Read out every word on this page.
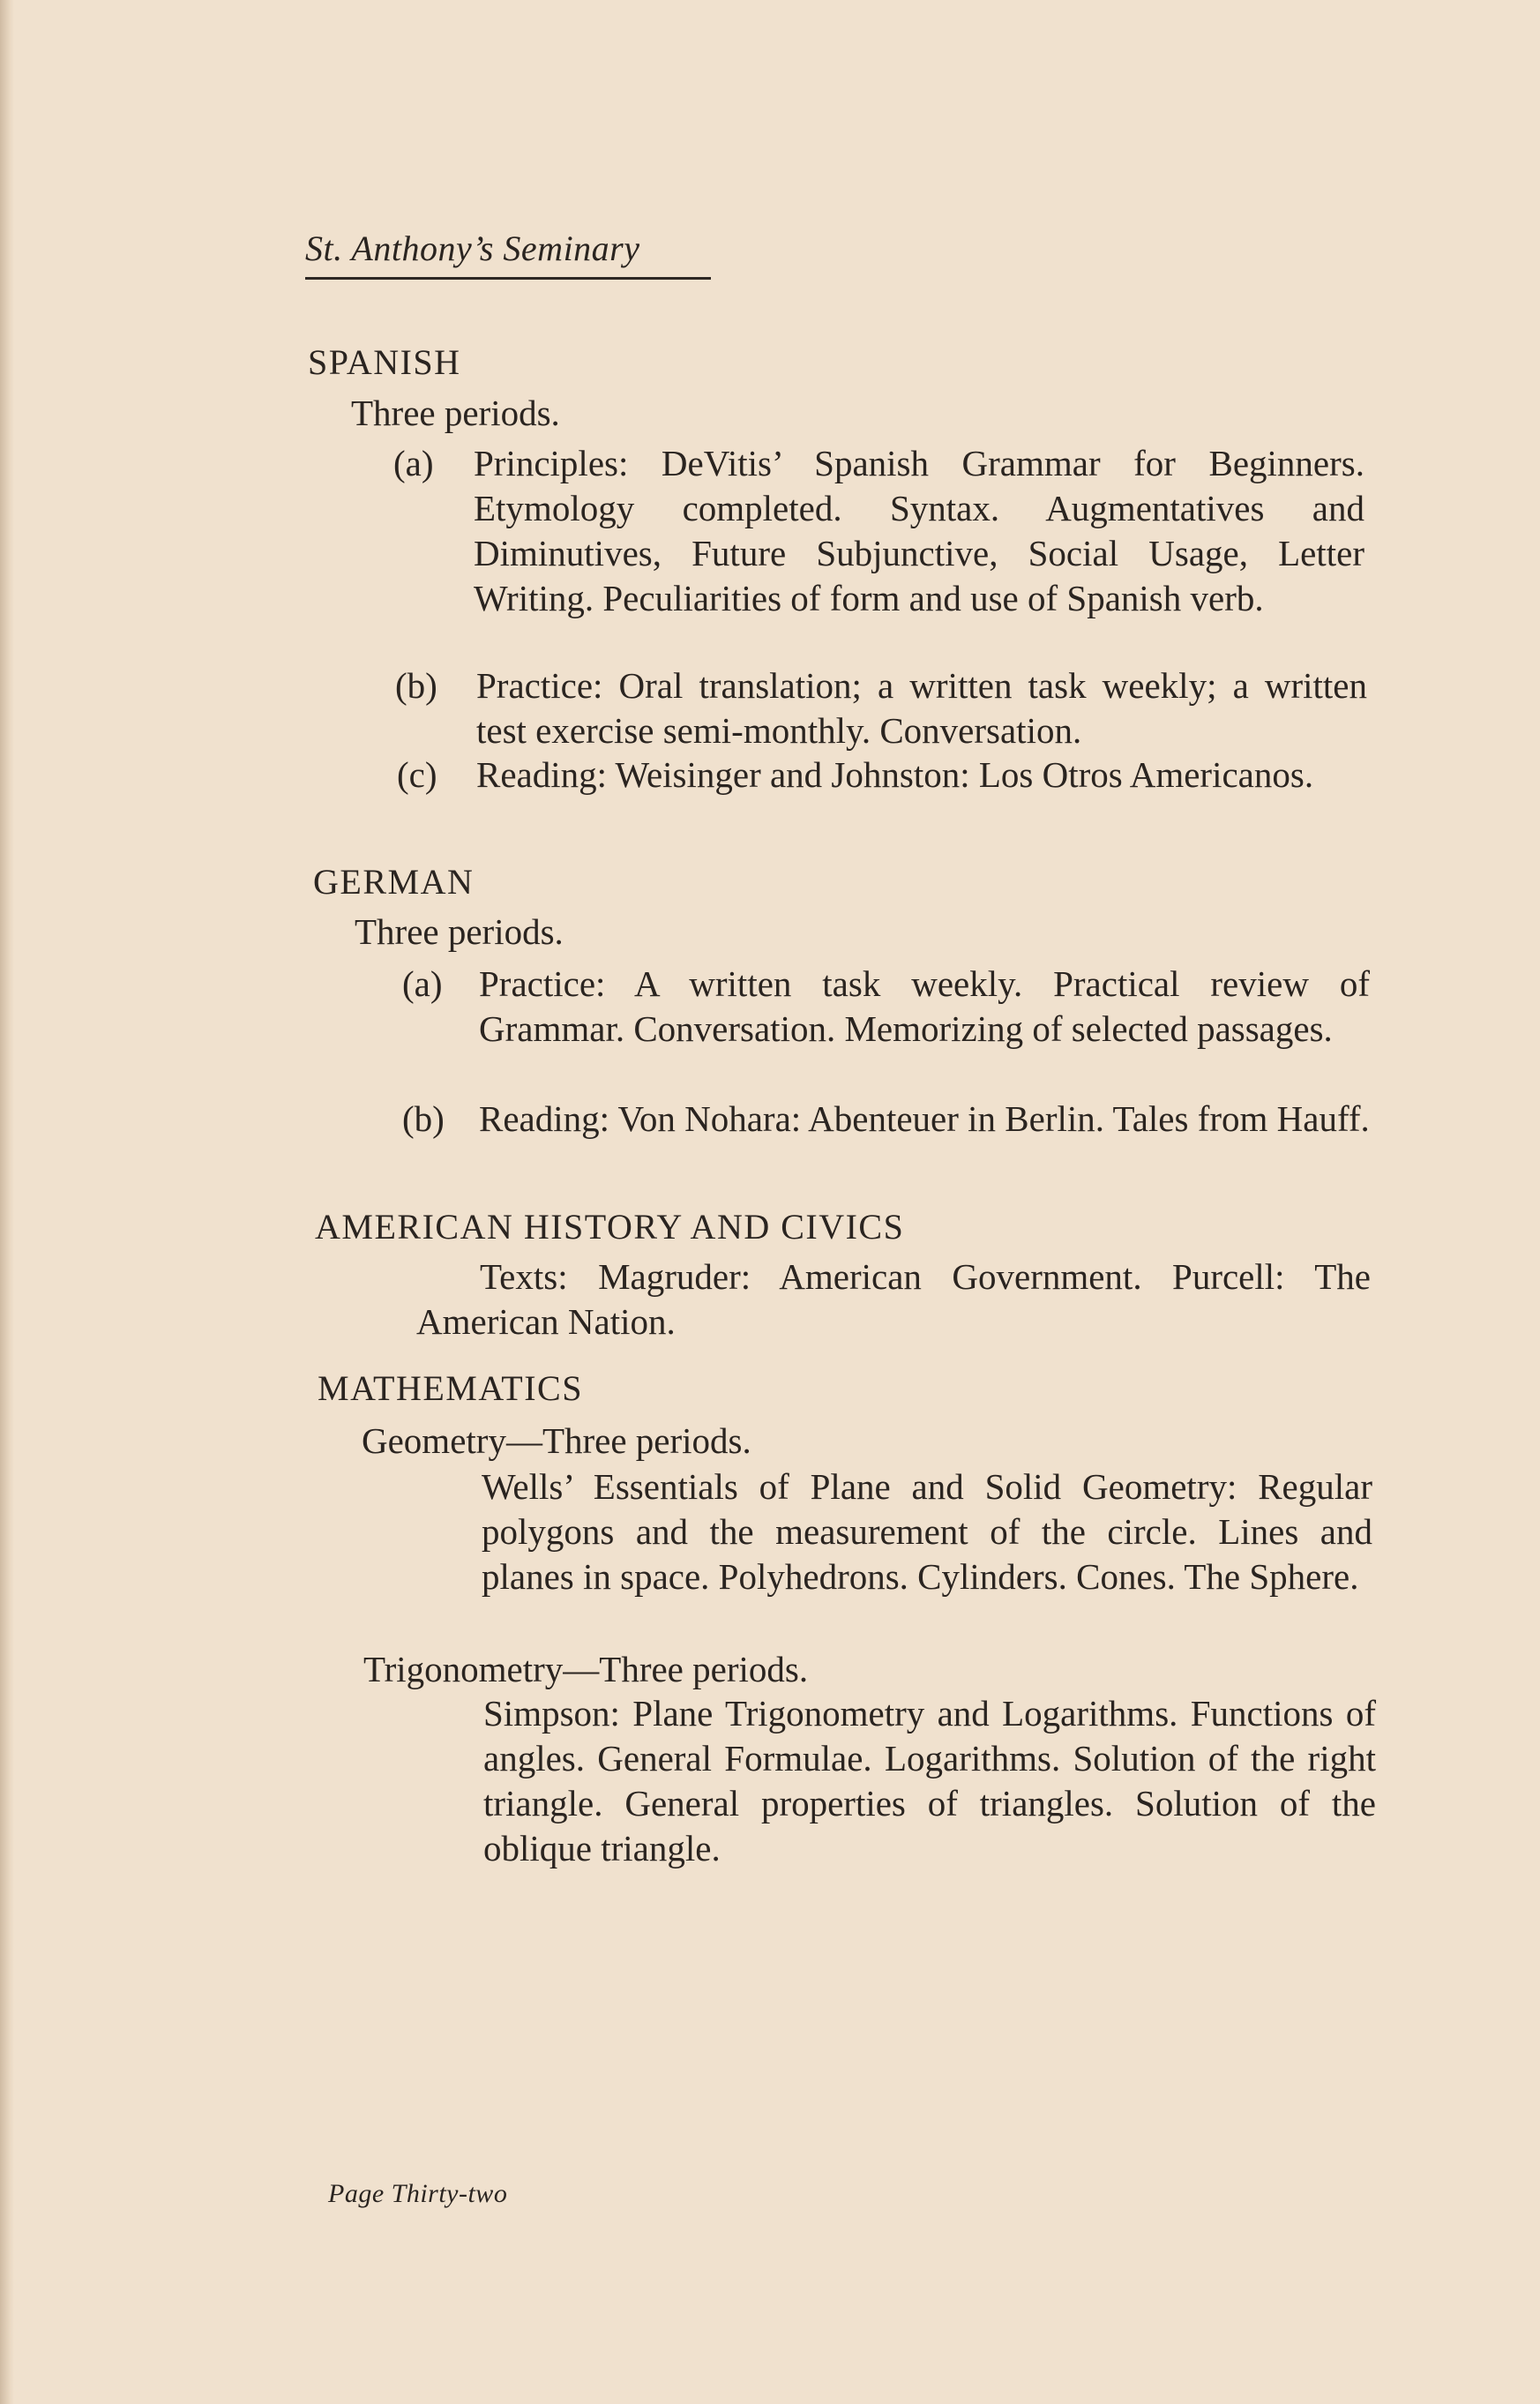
St. Anthony’s Seminary
SPANISH
Three periods.
(a) Principles: DeVitis’ Spanish Grammar for Beginners. Etymology completed. Syntax. Augmentatives and Diminutives, Future Subjunctive, Social Usage, Letter Writing. Peculiarities of form and use of Spanish verb.
(b) Practice: Oral translation; a written task weekly; a written test exercise semi-monthly. Conversation.
(c) Reading: Weisinger and Johnston: Los Otros Americanos.
GERMAN
Three periods.
(a) Practice: A written task weekly. Practical review of Grammar. Conversation. Memorizing of selected passages.
(b) Reading: Von Nohara: Abenteuer in Berlin. Tales from Hauff.
AMERICAN HISTORY AND CIVICS
Texts: Magruder: American Government. Purcell: The American Nation.
MATHEMATICS
Geometry—Three periods.
Wells’ Essentials of Plane and Solid Geometry: Regular polygons and the measurement of the circle. Lines and planes in space. Polyhedrons. Cylinders. Cones. The Sphere.
Trigonometry—Three periods.
Simpson: Plane Trigonometry and Logarithms. Functions of angles. General Formulae. Logarithms. Solution of the right triangle. General properties of triangles. Solution of the oblique triangle.
Page Thirty-two
